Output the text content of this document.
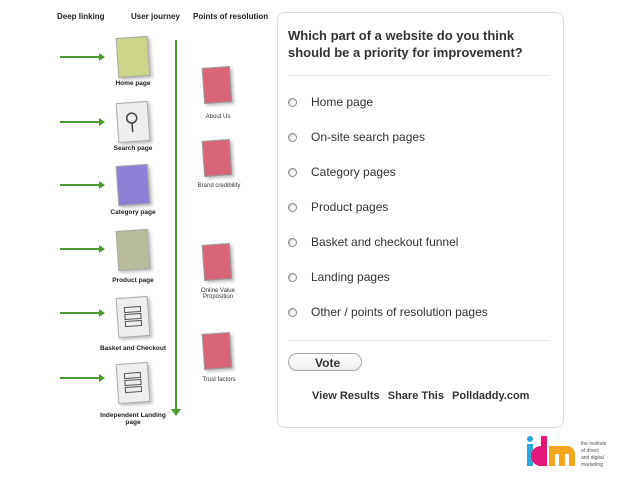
Deep linking	User journey Points of resolution
Home page
Search page
Category page
Product page
Basket and Checkout
Independent Landing page
About Us
Brand credibility
Online Value Proposition
Trust factors
Which part of a website do you think should be a priority for improvement?
Home page
On-site search pages
Category pages
Product pages
Basket and checkout funnel
Landing pages
Other / points of resolution pages
Vote
View Results Share This Polldaddy.com
the institute
of direct
and digital
marketing
